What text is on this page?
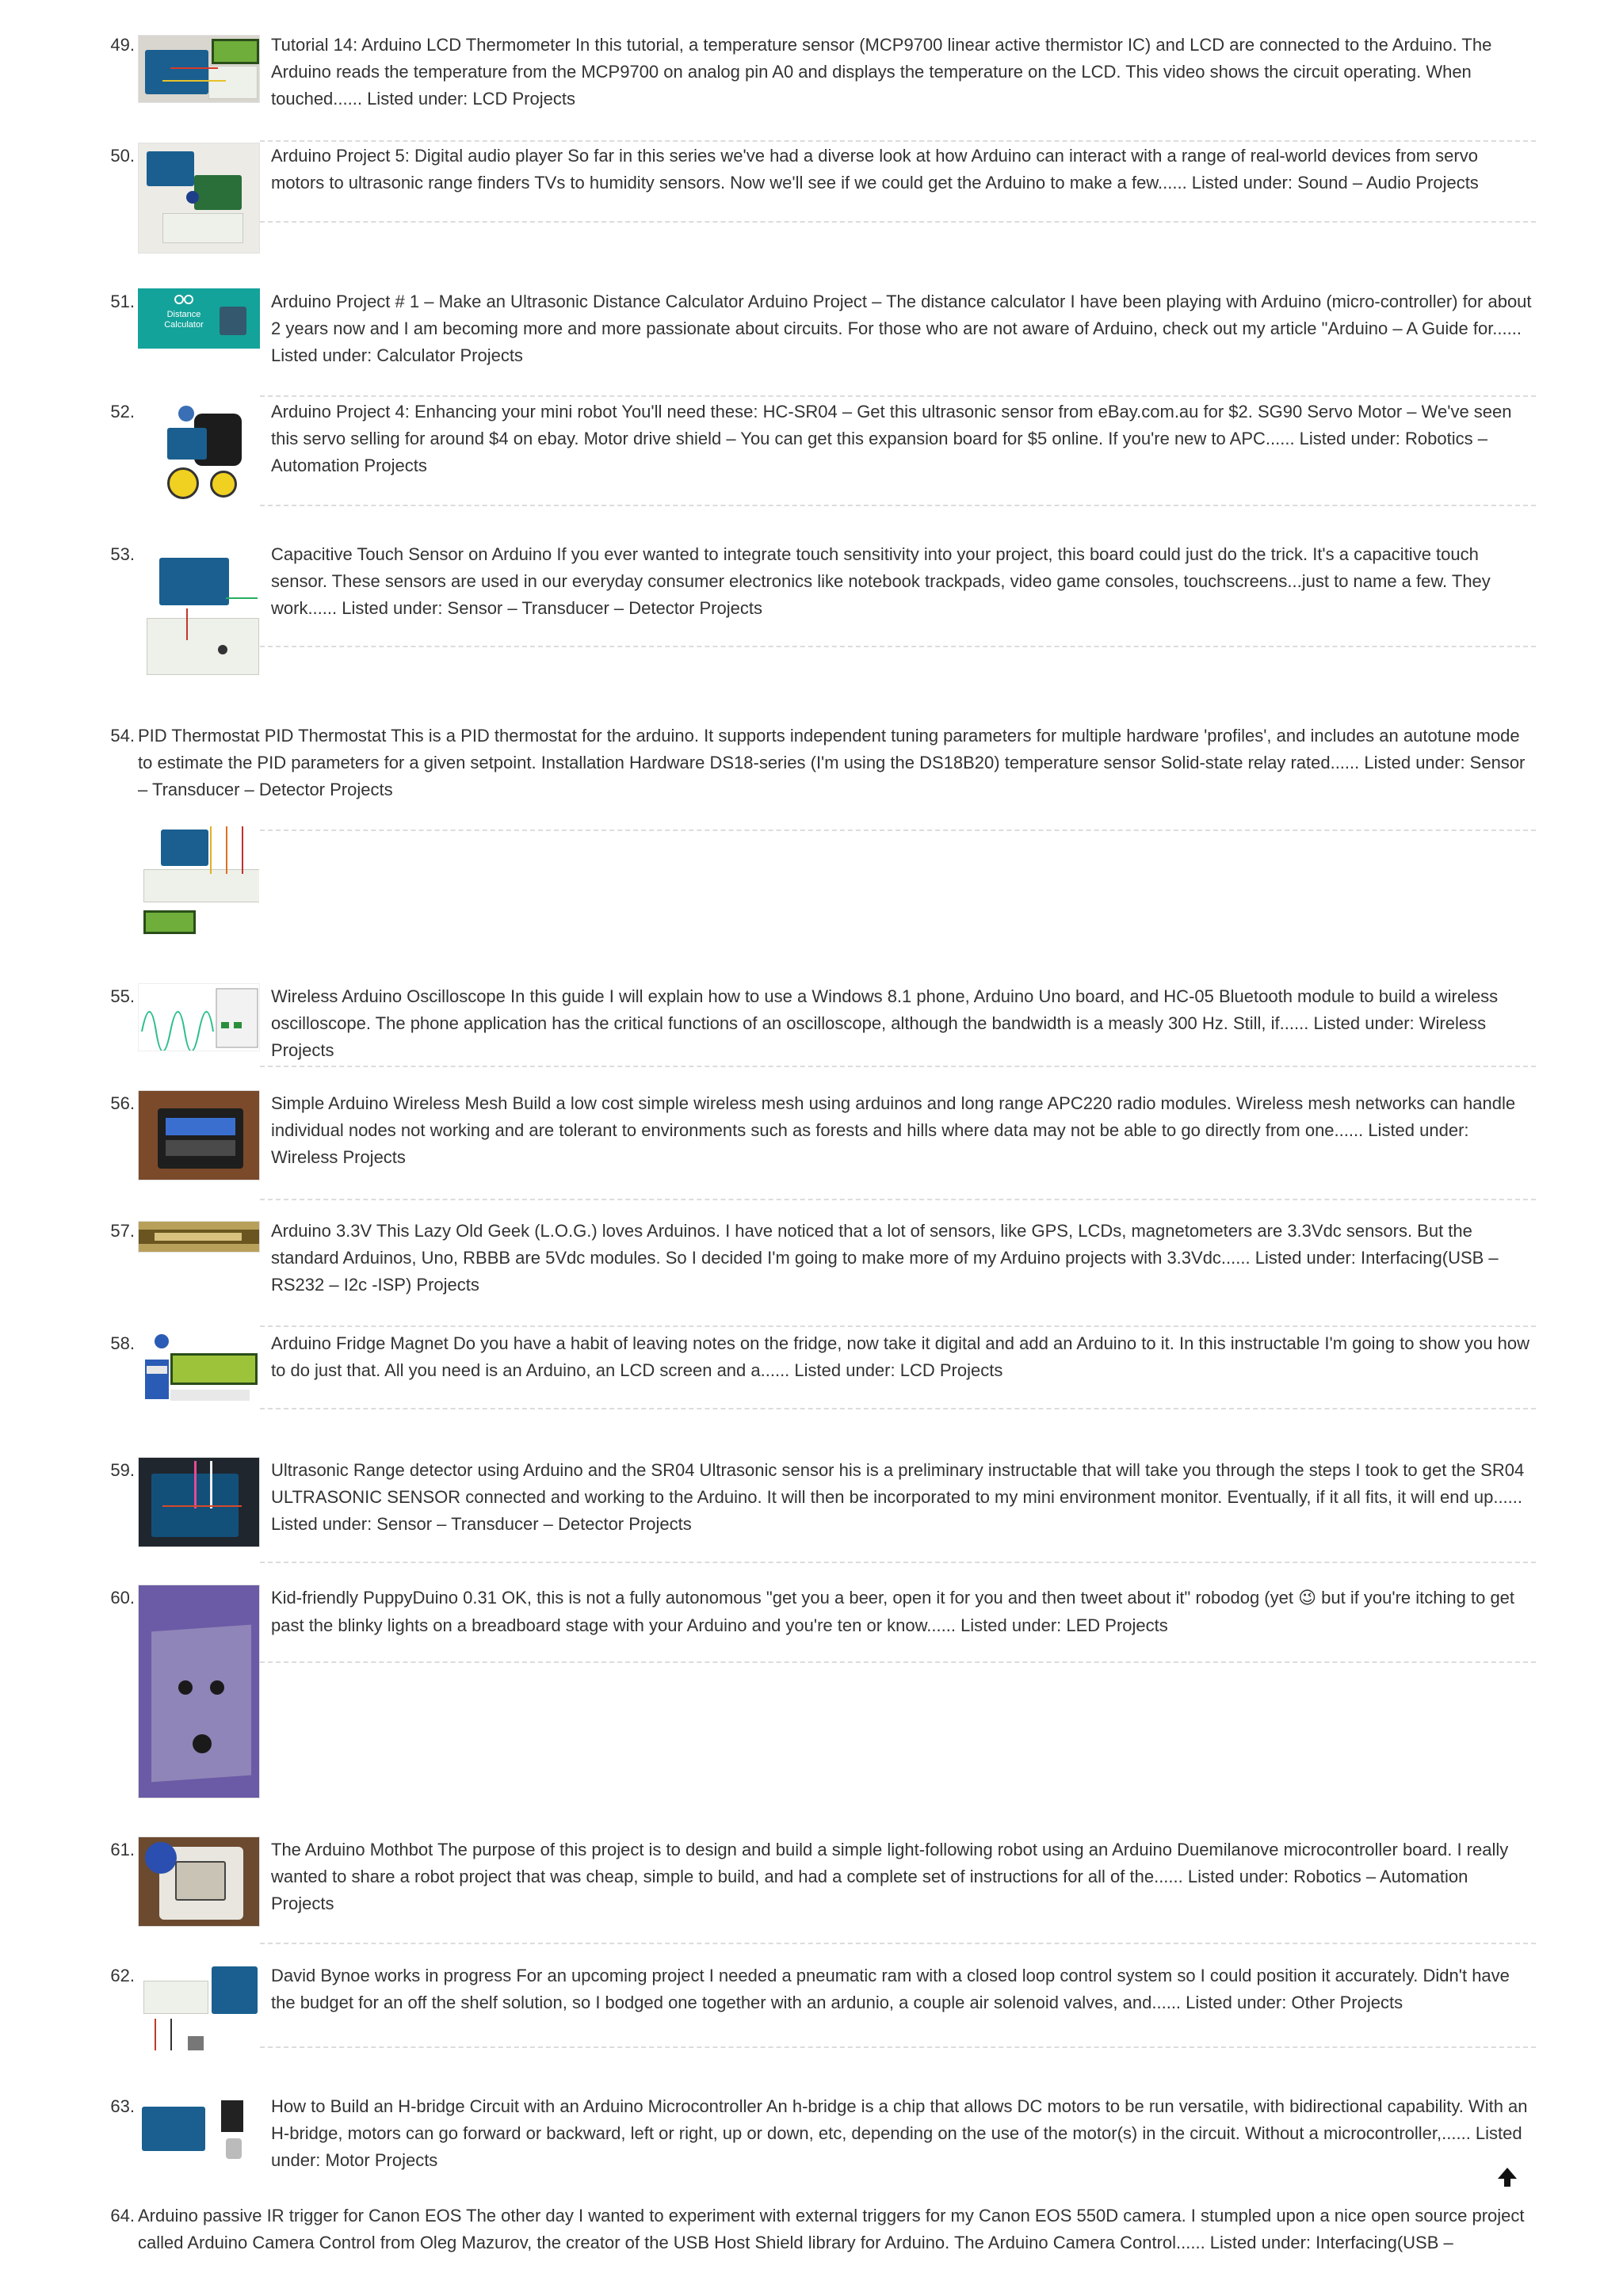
49.	Tutorial 14: Arduino LCD Thermometer In this tutorial, a temperature sensor (MCP9700 linear active thermistor IC) and LCD are connected to the Arduino. The Arduino reads the temperature from the MCP9700 on analog pin A0 and displays the temperature on the LCD. This video shows the circuit operating. When touched...... Listed under: LCD Projects

50.	Arduino Project 5: Digital audio player So far in this series we've had a diverse look at how Arduino can interact with a range of real-world devices from servo motors to ultrasonic range finders TVs to humidity sensors. Now we'll see if we could get the Arduino to make a few...... Listed under: Sound – Audio Projects

51.
Distance Calculator

Arduino Project # 1 – Make an Ultrasonic Distance Calculator Arduino Project – The distance calculator I have been playing with Arduino (micro-controller) for about 2 years now and I am becoming more and more passionate about circuits. For those who are not aware of Arduino, check out my article "Arduino – A Guide for...... Listed under: Calculator Projects

52.	Arduino Project 4: Enhancing your mini robot You'll need these: HC-SR04 – Get this ultrasonic sensor from eBay.com.au for $2. SG90 Servo Motor – We've seen this servo selling for around $4 on ebay. Motor drive shield – You can get this expansion board for $5 online. If you're new to APC...... Listed under: Robotics – Automation Projects

53.	Capacitive Touch Sensor on Arduino If you ever wanted to integrate touch sensitivity into your project, this board could just do the trick. It's a capacitive touch sensor. These sensors are used in our everyday consumer electronics like notebook trackpads, video game consoles, touchscreens...just to name a few. They work...... Listed under: Sensor – Transducer – Detector Projects

54. PID Thermostat PID Thermostat This is a PID thermostat for the arduino. It supports independent tuning parameters for multiple hardware 'profiles', and includes an autotune mode to estimate the PID parameters for a given setpoint. Installation Hardware DS18-series (I'm using the DS18B20) temperature sensor Solid-state relay rated...... Listed under: Sensor – Transducer – Detector Projects

55.	Wireless Arduino Oscilloscope In this guide I will explain how to use a Windows 8.1 phone, Arduino Uno board, and HC-05 Bluetooth module to build a wireless oscilloscope. The phone application has the critical functions of an oscilloscope, although the bandwidth is a measly 300 Hz. Still, if...... Listed under: Wireless Projects

56.	Simple Arduino Wireless Mesh Build a low cost simple wireless mesh using arduinos and long range APC220 radio modules. Wireless mesh networks can handle individual nodes not working and are tolerant to environments such as forests and hills where data may not be able to go directly from one...... Listed under: Wireless Projects

57.	Arduino 3.3V This Lazy Old Geek (L.O.G.) loves Arduinos. I have noticed that a lot of sensors, like GPS, LCDs, magnetometers are 3.3Vdc sensors. But the standard Arduinos, Uno, RBBB are 5Vdc modules. So I decided I'm going to make more of my Arduino projects with 3.3Vdc...... Listed under: Interfacing(USB – RS232 – I2c -ISP) Projects

58.	Arduino Fridge Magnet Do you have a habit of leaving notes on the fridge, now take it digital and add an Arduino to it. In this instructable I'm going to show you how to do just that. All you need is an Arduino, an LCD screen and a...... Listed under: LCD Projects

59.	Ultrasonic Range detector using Arduino and the SR04 Ultrasonic sensor his is a preliminary instructable that will take you through the steps I took to get the SR04 ULTRASONIC SENSOR connected and working to the Arduino. It will then be incorporated to my mini environment monitor. Eventually, if it all fits, it will end up...... Listed under: Sensor – Transducer – Detector Projects

60.	Kid-friendly PuppyDuino 0.31 OK, this is not a fully autonomous "get you a beer, open it for you and then tweet about it" robodog (yet 😉 but if you're itching to get past the blinky lights on a breadboard stage with your Arduino and you're ten or know...... Listed under: LED Projects

61.	The Arduino Mothbot The purpose of this project is to design and build a simple light-following robot using an Arduino Duemilanove microcontroller board. I really wanted to share a robot project that was cheap, simple to build, and had a complete set of instructions for all of the...... Listed under: Robotics – Automation Projects

62.	David Bynoe works in progress For an upcoming project I needed a pneumatic ram with a closed loop control system so I could position it accurately. Didn't have the budget for an off the shelf solution, so I bodged one together with an ardunio, a couple air solenoid valves, and...... Listed under: Other Projects

63.	How to Build an H-bridge Circuit with an Arduino Microcontroller An h-bridge is a chip that allows DC motors to be run versatile, with bidirectional capability. With an H-bridge, motors can go forward or backward, left or right, up or down, etc, depending on the use of the motor(s) in the circuit. Without a microcontroller,...... Listed under: Motor Projects

64. Arduino passive IR trigger for Canon EOS The other day I wanted to experiment with external triggers for my Canon EOS 550D camera. I stumpled upon a nice open source project called Arduino Camera Control from Oleg Mazurov, the creator of the USB Host Shield library for Arduino. The Arduino Camera Control...... Listed under: Interfacing(USB –
